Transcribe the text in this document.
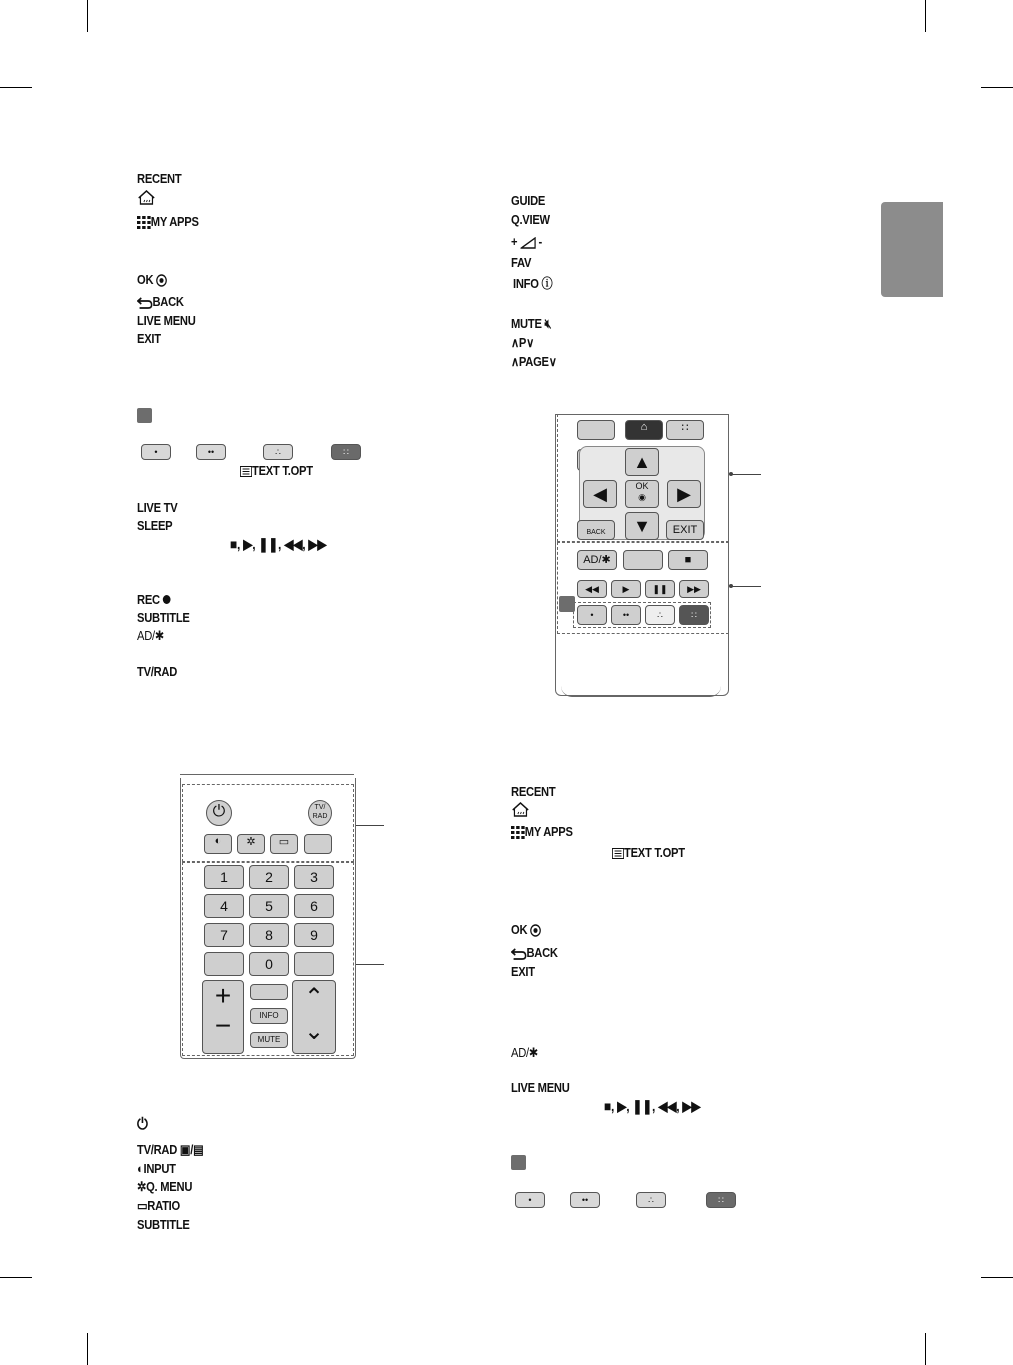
RECENT
MY APPS
OK
BACK
LIVE MENU
EXIT
•	••	∴	∷
TEXT T.OPT
LIVE TV
SLEEP
■, ▶, ❚❚, ◀◀, ▶▶
REC
SUBTITLE
AD/✱
TV/RAD
⏻	TV/ RAD
◐	✲	▭
1	2	3
4	5	6
7	8	9
0
+
−	INFO
MUTE
⌃
⌄
⏻
TV/RAD ▣/▤
◐INPUT
✲Q. MENU
▭RATIO
SUBTITLE
GUIDE
Q.VIEW
+ -
FAV
INFO ⓘ
MUTE 🔇︎
∧P∨
∧PAGE∨
⌂	∷
▲
◀	OK
◉	▶
▼
BACK	EXIT
AD/✱	■
◀◀	▶	❚❚	▶▶
•	••	∴	∷
RECENT
MY APPS
TEXT T.OPT
OK
BACK
EXIT
AD/✱
LIVE MENU
■, ▶, ❚❚, ◀◀, ▶▶
•	••	∴	∷
